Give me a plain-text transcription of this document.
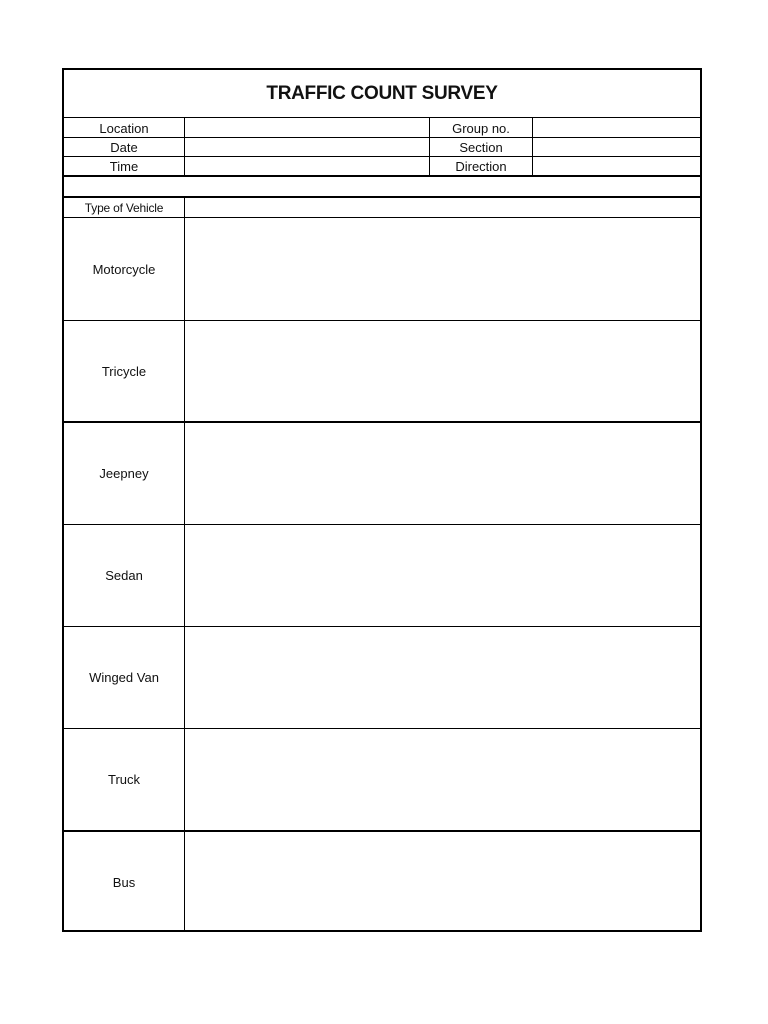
TRAFFIC COUNT SURVEY
Location	Group no.
Date	Section
Time	Direction
Type of Vehicle
Motorcycle
Tricycle
Jeepney
Sedan
Winged Van
Truck
Bus
